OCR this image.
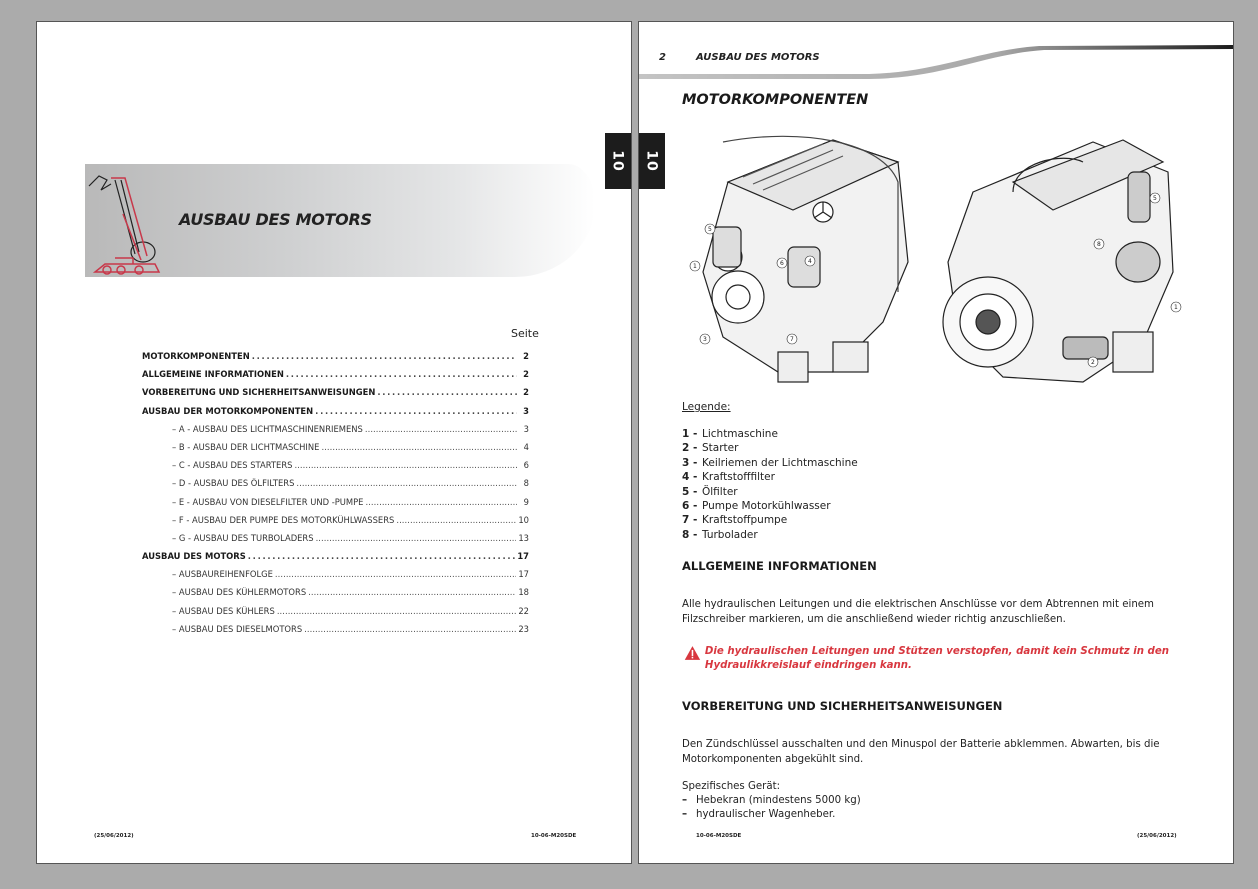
AUSBAU DES MOTORS
10
Seite
MOTORKOMPONENTEN . . .	2
ALLGEMEINE INFORMATIONEN . . .	2
VORBEREITUNG UND SICHERHEITSANWEISUNGEN . . .	2
AUSBAU DER MOTORKOMPONENTEN . . .	3
– A - AUSBAU DES LICHTMASCHINENRIEMENS . . .	3
– B - AUSBAU DER LICHTMASCHINE . . .	4
– C - AUSBAU DES STARTERS . . .	6
– D - AUSBAU DES ÖLFILTERS . . .	8
– E - AUSBAU VON DIESELFILTER UND -PUMPE . . .	9
– F - AUSBAU DER PUMPE DES MOTORKÜHLWASSERS . . .	10
– G - AUSBAU DES TURBOLADERS . . .	13
AUSBAU DES MOTORS . . .	17
– AUSBAUREIHENFOLGE . . .	17
– AUSBAU DES KÜHLERMOTORS . . .	18
– AUSBAU DES KÜHLERS . . .	22
– AUSBAU DES DIESELMOTORS . . .	23
(25/06/2012)	10-06-M20SDE
2	AUSBAU DES MOTORS
10
MOTORKOMPONENTEN
5
1	6	4
3	7
5
8
1
2
Legende:
1 - Lichtmaschine
2 - Starter
3 - Keilriemen der Lichtmaschine
4 - Kraftstofffilter
5 - Ölfilter
6 - Pumpe Motorkühlwasser
7 - Kraftstoffpumpe
8 - Turbolader
ALLGEMEINE INFORMATIONEN
Alle hydraulischen Leitungen und die elektrischen Anschlüsse vor dem Abtrennen mit einem Filzschreiber markieren, um die anschließend wieder richtig anzuschließen.
Die hydraulischen Leitungen und Stützen verstopfen, damit kein Schmutz in den Hydraulikkreislauf eindringen kann.
VORBEREITUNG UND SICHERHEITSANWEISUNGEN
Den Zündschlüssel ausschalten und den Minuspol der Batterie abklemmen. Abwarten, bis die Motorkomponenten abgekühlt sind.
Spezifisches Gerät:
– Hebekran (mindestens 5000 kg)
– hydraulischer Wagenheber.
10-06-M20SDE	(25/06/2012)
